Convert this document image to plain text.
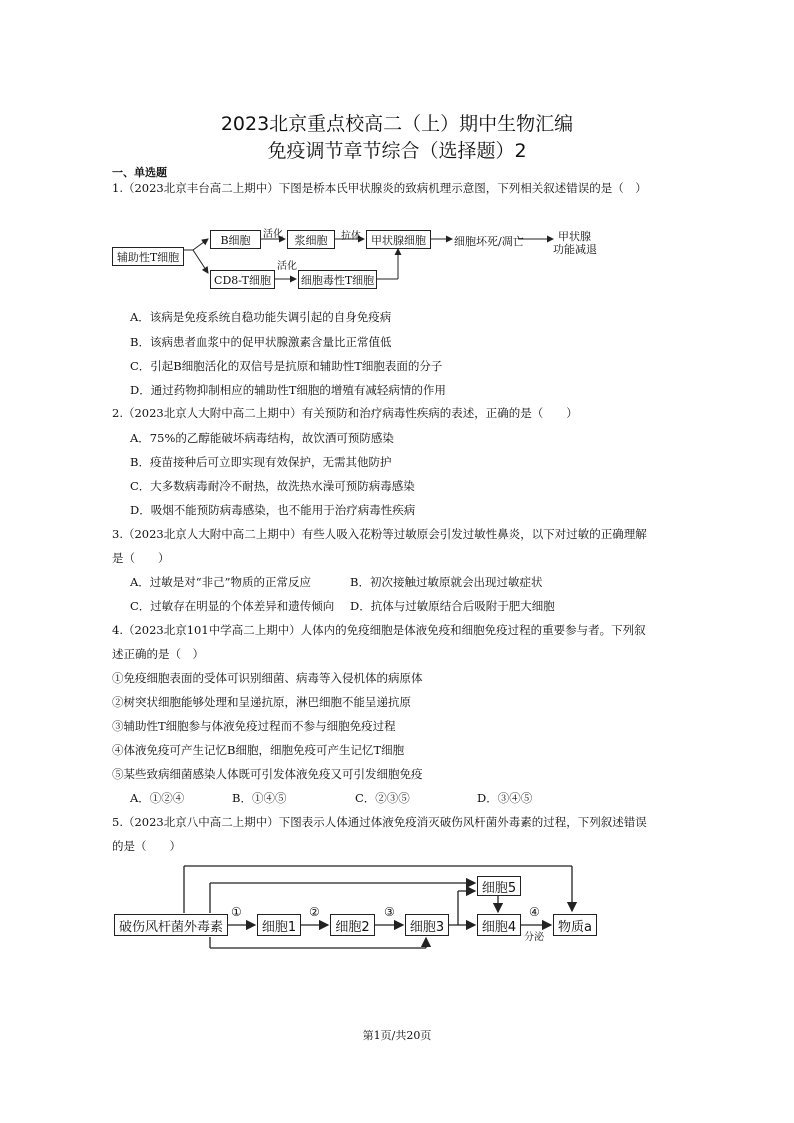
2023北京重点校高二（上）期中生物汇编
免疫调节章节综合（选择题）2
一、单选题
1.（2023北京丰台高二上期中）下图是桥本氏甲状腺炎的致病机理示意图，下列相关叙述错误的是（　）
辅助性T细胞
B细胞	活化	浆细胞	抗体 甲状腺细胞	细胞坏死/凋亡	甲状腺
功能减退
CD8-T细胞
活化
细胞毒性T细胞
A．该病是免疫系统自稳功能失调引起的自身免疫病
B．该病患者血浆中的促甲状腺激素含量比正常值低
C．引起B细胞活化的双信号是抗原和辅助性T细胞表面的分子
D．通过药物抑制相应的辅助性T细胞的增殖有减轻病情的作用
2.（2023北京人大附中高二上期中）有关预防和治疗病毒性疾病的表述，正确的是（　　）
A．75%的乙醇能破坏病毒结构，故饮酒可预防感染
B．疫苗接种后可立即实现有效保护，无需其他防护
C．大多数病毒耐冷不耐热，故洗热水澡可预防病毒感染
D．吸烟不能预防病毒感染，也不能用于治疗病毒性疾病
3.（2023北京人大附中高二上期中）有些人吸入花粉等过敏原会引发过敏性鼻炎，以下对过敏的正确理解
是（　　）
A．过敏是对“非己”物质的正常反应	B．初次接触过敏原就会出现过敏症状
C．过敏存在明显的个体差异和遗传倾向 D．抗体与过敏原结合后吸附于肥大细胞
4.（2023北京101中学高二上期中）人体内的免疫细胞是体液免疫和细胞免疫过程的重要参与者。下列叙
述正确的是（　）
①免疫细胞表面的受体可识别细菌、病毒等入侵机体的病原体
②树突状细胞能够处理和呈递抗原，淋巴细胞不能呈递抗原
③辅助性T细胞参与体液免疫过程而不参与细胞免疫过程
④体液免疫可产生记忆B细胞，细胞免疫可产生记忆T细胞
⑤某些致病细菌感染人体既可引发体液免疫又可引发细胞免疫
A．①②④	B．①④⑤	C．②③⑤	D．③④⑤
5.（2023北京八中高二上期中）下图表示人体通过体液免疫消灭破伤风杆菌外毒素的过程，下列叙述错误
的是（　　）
破伤风杆菌外毒素
①
细胞1
②
细胞2
③
细胞3
细胞5
细胞4
④
分泌
物质a
第1页/共20页
